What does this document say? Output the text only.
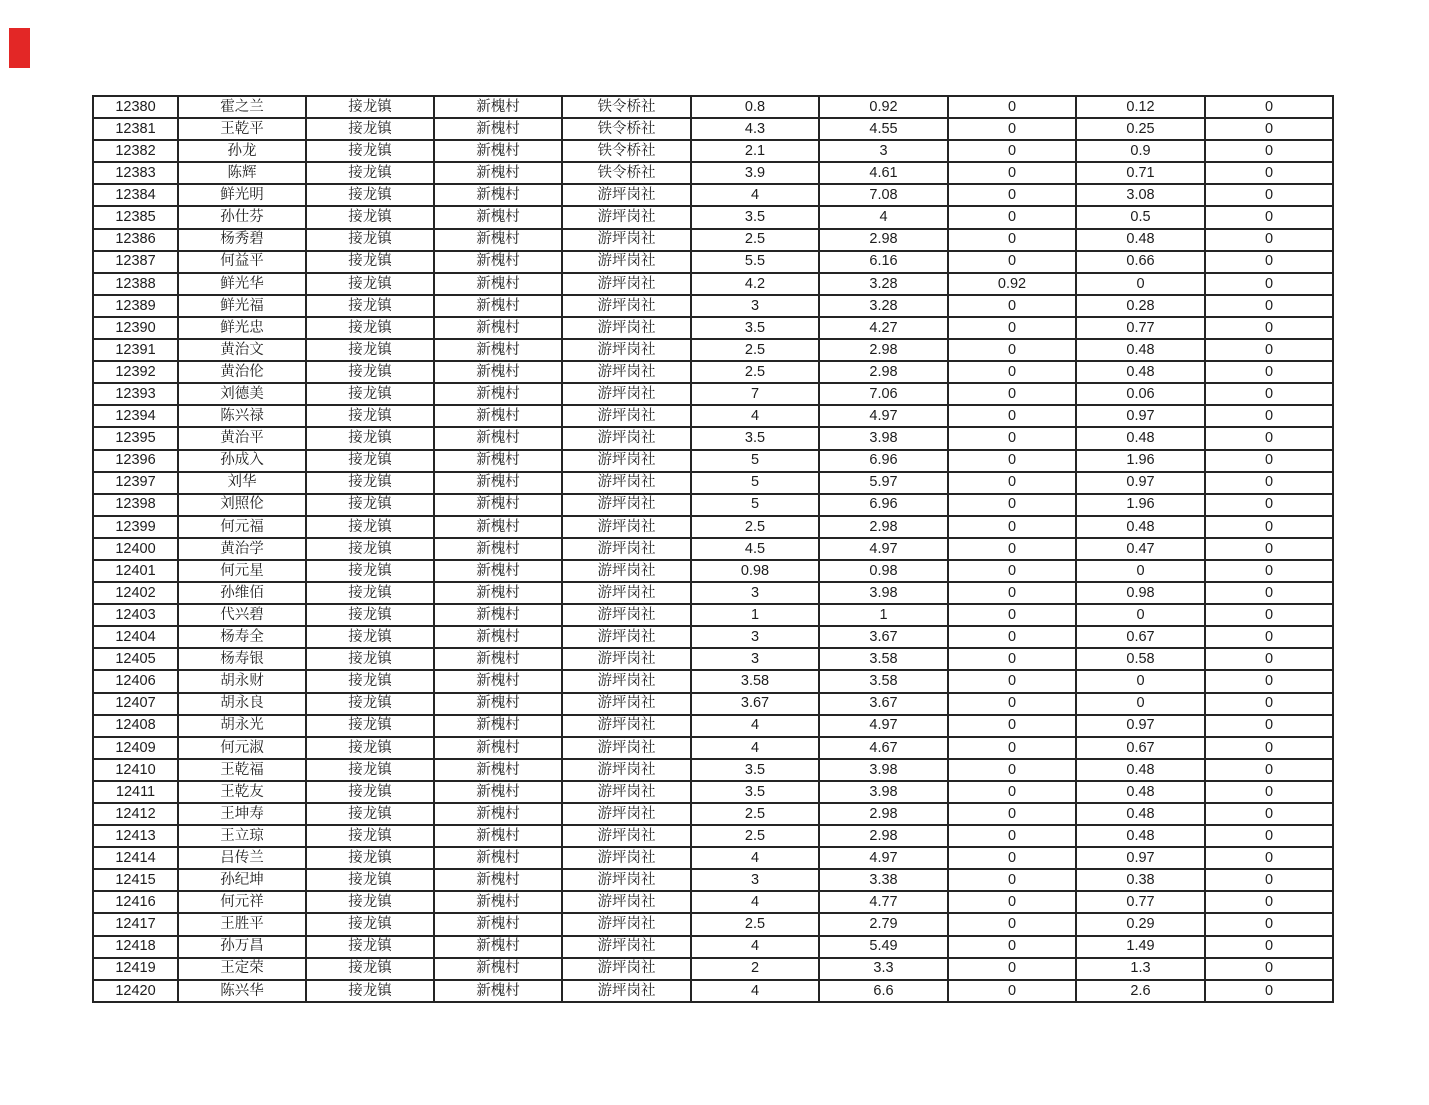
12380	霍之兰	接龙镇	新槐村	铁令桥社	0.8	0.92	0	0.12	0
12381	王乾平	接龙镇	新槐村	铁令桥社	4.3	4.55	0	0.25	0
12382	孙龙	接龙镇	新槐村	铁令桥社	2.1	3	0	0.9	0
12383	陈辉	接龙镇	新槐村	铁令桥社	3.9	4.61	0	0.71	0
12384	鲜光明	接龙镇	新槐村	游坪岗社	4	7.08	0	3.08	0
12385	孙仕芬	接龙镇	新槐村	游坪岗社	3.5	4	0	0.5	0
12386	杨秀碧	接龙镇	新槐村	游坪岗社	2.5	2.98	0	0.48	0
12387	何益平	接龙镇	新槐村	游坪岗社	5.5	6.16	0	0.66	0
12388	鲜光华	接龙镇	新槐村	游坪岗社	4.2	3.28	0.92	0	0
12389	鲜光福	接龙镇	新槐村	游坪岗社	3	3.28	0	0.28	0
12390	鲜光忠	接龙镇	新槐村	游坪岗社	3.5	4.27	0	0.77	0
12391	黄治文	接龙镇	新槐村	游坪岗社	2.5	2.98	0	0.48	0
12392	黄治伦	接龙镇	新槐村	游坪岗社	2.5	2.98	0	0.48	0
12393	刘德美	接龙镇	新槐村	游坪岗社	7	7.06	0	0.06	0
12394	陈兴禄	接龙镇	新槐村	游坪岗社	4	4.97	0	0.97	0
12395	黄治平	接龙镇	新槐村	游坪岗社	3.5	3.98	0	0.48	0
12396	孙成入	接龙镇	新槐村	游坪岗社	5	6.96	0	1.96	0
12397	刘华	接龙镇	新槐村	游坪岗社	5	5.97	0	0.97	0
12398	刘照伦	接龙镇	新槐村	游坪岗社	5	6.96	0	1.96	0
12399	何元福	接龙镇	新槐村	游坪岗社	2.5	2.98	0	0.48	0
12400	黄治学	接龙镇	新槐村	游坪岗社	4.5	4.97	0	0.47	0
12401	何元星	接龙镇	新槐村	游坪岗社	0.98	0.98	0	0	0
12402	孙维佰	接龙镇	新槐村	游坪岗社	3	3.98	0	0.98	0
12403	代兴碧	接龙镇	新槐村	游坪岗社	1	1	0	0	0
12404	杨寿全	接龙镇	新槐村	游坪岗社	3	3.67	0	0.67	0
12405	杨寿银	接龙镇	新槐村	游坪岗社	3	3.58	0	0.58	0
12406	胡永财	接龙镇	新槐村	游坪岗社	3.58	3.58	0	0	0
12407	胡永良	接龙镇	新槐村	游坪岗社	3.67	3.67	0	0	0
12408	胡永光	接龙镇	新槐村	游坪岗社	4	4.97	0	0.97	0
12409	何元淑	接龙镇	新槐村	游坪岗社	4	4.67	0	0.67	0
12410	王乾福	接龙镇	新槐村	游坪岗社	3.5	3.98	0	0.48	0
12411	王乾友	接龙镇	新槐村	游坪岗社	3.5	3.98	0	0.48	0
12412	王坤寿	接龙镇	新槐村	游坪岗社	2.5	2.98	0	0.48	0
12413	王立琼	接龙镇	新槐村	游坪岗社	2.5	2.98	0	0.48	0
12414	吕传兰	接龙镇	新槐村	游坪岗社	4	4.97	0	0.97	0
12415	孙纪坤	接龙镇	新槐村	游坪岗社	3	3.38	0	0.38	0
12416	何元祥	接龙镇	新槐村	游坪岗社	4	4.77	0	0.77	0
12417	王胜平	接龙镇	新槐村	游坪岗社	2.5	2.79	0	0.29	0
12418	孙万昌	接龙镇	新槐村	游坪岗社	4	5.49	0	1.49	0
12419	王定荣	接龙镇	新槐村	游坪岗社	2	3.3	0	1.3	0
12420	陈兴华	接龙镇	新槐村	游坪岗社	4	6.6	0	2.6	0
